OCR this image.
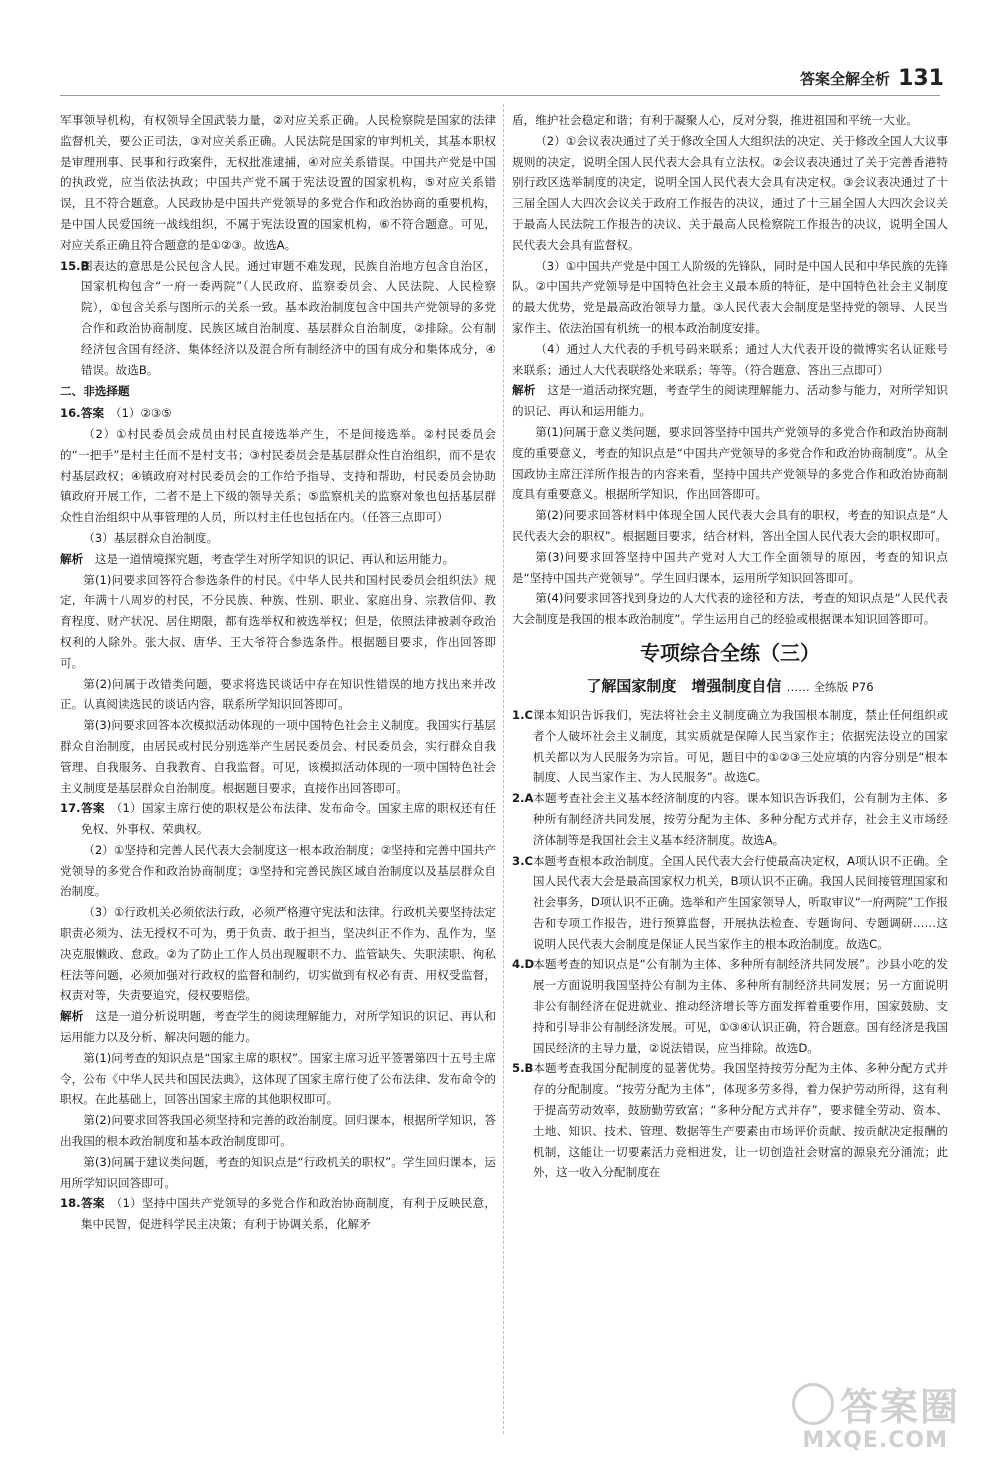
答案全解全析 131

军事领导机构，有权领导全国武装力量，②对应关系正确。人民检察院是国家的法律监督机关，要公正司法，③对应关系正确。人民法院是国家的审判机关，其基本职权是审理刑事、民事和行政案件，无权批准逮捕，④对应关系错误。中国共产党是中国的执政党，应当依法执政；中国共产党不属于宪法设置的国家机构，⑤对应关系错误，且不符合题意。人民政协是中国共产党领导的多党合作和政治协商的重要机构，是中国人民爱国统一战线组织，不属于宪法设置的国家机构，⑥不符合题意。可见，对应关系正确且符合题意的是①②③。故选A。

15.B图表达的意思是公民包含人民。通过审题不难发现，民族自治地方包含自治区，国家机构包含“一府一委两院”（人民政府、监察委员会、人民法院、人民检察院），①包含关系与图所示的关系一致。基本政治制度包含中国共产党领导的多党合作和政治协商制度、民族区域自治制度、基层群众自治制度，②排除。公有制经济包含国有经济、集体经济以及混合所有制经济中的国有成分和集体成分，④错误。故选B。

二、非选择题

16.答案　 （1）②③⑤

（2）①村民委员会成员由村民直接选举产生，不是间接选举。②村民委员会的“一把手”是村主任而不是村支书；③村民委员会是基层群众性自治组织，而不是农村基层政权；④镇政府对村民委员会的工作给予指导、支持和帮助，村民委员会协助镇政府开展工作，二者不是上下级的领导关系；⑤监察机关的监察对象也包括基层群众性自治组织中从事管理的人员，所以村主任也包括在内。（任答三点即可）

（3）基层群众自治制度。

解析　 这是一道情境探究题，考查学生对所学知识的识记、再认和运用能力。

第(1)问要求回答符合参选条件的村民。《中华人民共和国村民委员会组织法》规定，年满十八周岁的村民，不分民族、种族、性别、职业、家庭出身、宗教信仰、教育程度、财产状况、居住期限，都有选举权和被选举权；但是，依照法律被剥夺政治权利的人除外。张大叔、唐华、王大爷符合参选条件。根据题目要求，作出回答即可。

第(2)问属于改错类问题，要求将选民谈话中存在知识性错误的地方找出来并改正。认真阅读选民的谈话内容，联系所学知识回答即可。

第(3)问要求回答本次模拟活动体现的一项中国特色社会主义制度。我国实行基层群众自治制度，由居民或村民分别选举产生居民委员会、村民委员会，实行群众自我管理、自我服务、自我教育、自我监督。可见，该模拟活动体现的一项中国特色社会主义制度是基层群众自治制度。根据题目要求，直接作出回答即可。

17.答案　 （1）国家主席行使的职权是公布法律、发布命令。国家主席的职权还有任免权、外事权、荣典权。

（2）①坚持和完善人民代表大会制度这一根本政治制度；②坚持和完善中国共产党领导的多党合作和政治协商制度；③坚持和完善民族区域自治制度以及基层群众自治制度。

（3）①行政机关必须依法行政，必须严格遵守宪法和法律。行政机关要坚持法定职责必须为、法无授权不可为，勇于负责、敢于担当，坚决纠正不作为、乱作为，坚决克服懒政、怠政。②为了防止工作人员出现履职不力、监管缺失、失职渎职、徇私枉法等问题，必须加强对行政权的监督和制约，切实做到有权必有责、用权受监督，权责对等，失责要追究，侵权要赔偿。

解析　 这是一道分析说明题，考查学生的阅读理解能力，对所学知识的识记、再认和运用能力以及分析、解决问题的能力。

第(1)问考查的知识点是“国家主席的职权”。国家主席习近平签署第四十五号主席令，公布《中华人民共和国民法典》，这体现了国家主席行使了公布法律、发布命令的职权。在此基础上，回答出国家主席的其他职权即可。

第(2)问要求回答我国必须坚持和完善的政治制度。回归课本，根据所学知识，答出我国的根本政治制度和基本政治制度即可。

第(3)问属于建议类问题，考查的知识点是“行政机关的职权”。学生回归课本，运用所学知识回答即可。

18.答案　 （1）坚持中国共产党领导的多党合作和政治协商制度，有利于反映民意，集中民智，促进科学民主决策；有利于协调关系，化解矛

盾，维护社会稳定和谐；有利于凝聚人心，反对分裂，推进祖国和平统一大业。

（2）①会议表决通过了关于修改全国人大组织法的决定、关于修改全国人大议事规则的决定，说明全国人民代表大会具有立法权。②会议表决通过了关于完善香港特别行政区选举制度的决定，说明全国人民代表大会具有决定权。③会议表决通过了十三届全国人大四次会议关于政府工作报告的决议，通过了十三届全国人大四次会议关于最高人民法院工作报告的决议、关于最高人民检察院工作报告的决议，说明全国人民代表大会具有监督权。

（3）①中国共产党是中国工人阶级的先锋队，同时是中国人民和中华民族的先锋队。②中国共产党领导是中国特色社会主义最本质的特征，是中国特色社会主义制度的最大优势，党是最高政治领导力量。③人民代表大会制度是坚持党的领导、人民当家作主、依法治国有机统一的根本政治制度安排。

（4）通过人大代表的手机号码来联系；通过人大代表开设的微博实名认证账号来联系；通过人大代表联络处来联系；等等。（符合题意、答出三点即可）

解析　 这是一道活动探究题，考查学生的阅读理解能力、活动参与能力，对所学知识的识记、再认和运用能力。

第(1)问属于意义类问题，要求回答坚持中国共产党领导的多党合作和政治协商制度的重要意义，考查的知识点是“中国共产党领导的多党合作和政治协商制度”。从全国政协主席汪洋所作报告的内容来看，坚持中国共产党领导的多党合作和政治协商制度具有重要意义。根据所学知识，作出回答即可。

第(2)问要求回答材料中体现全国人民代表大会具有的职权，考查的知识点是“人民代表大会的职权”。根据题目要求，结合材料，答出全国人民代表大会的职权即可。

第(3)问要求回答坚持中国共产党对人大工作全面领导的原因，考查的知识点是“坚持中国共产党领导”。学生回归课本，运用所学知识回答即可。

第(4)问要求回答找到身边的人大代表的途径和方法，考查的知识点是“人民代表大会制度是我国的根本政治制度”。学生运用自己的经验或根据课本知识回答即可。

专项综合全练（三）
了解国家制度　增强制度自信 …… 全练版 P76

1.C课本知识告诉我们，宪法将社会主义制度确立为我国根本制度，禁止任何组织或者个人破坏社会主义制度，其实质就是保障人民当家作主；依据宪法设立的国家机关都以为人民服务为宗旨。可见，题目中的①②③三处应填的内容分别是“根本制度、人民当家作主、为人民服务”。故选C。

2.A本题考查社会主义基本经济制度的内容。课本知识告诉我们，公有制为主体、多种所有制经济共同发展，按劳分配为主体、多种分配方式并存，社会主义市场经济体制等是我国社会主义基本经济制度。故选A。

3.C本题考查根本政治制度。全国人民代表大会行使最高决定权，A项认识不正确。全国人民代表大会是最高国家权力机关，B项认识不正确。我国人民间接管理国家和社会事务，D项认识不正确。选举和产生国家领导人，听取审议“一府两院”工作报告和专项工作报告，进行预算监督，开展执法检查、专题询问、专题调研……这说明人民代表大会制度是保证人民当家作主的根本政治制度。故选C。

4.D本题考查的知识点是“公有制为主体、多种所有制经济共同发展”。沙县小吃的发展一方面说明我国坚持公有制为主体、多种所有制经济共同发展；另一方面说明非公有制经济在促进就业、推动经济增长等方面发挥着重要作用，国家鼓励、支持和引导非公有制经济发展。可见，①③④认识正确，符合题意。国有经济是我国国民经济的主导力量，②说法错误，应当排除。故选D。

5.B本题考查我国分配制度的显著优势。我国坚持按劳分配为主体、多种分配方式并存的分配制度。“按劳分配为主体”，体现多劳多得，着力保护劳动所得，这有利于提高劳动效率，鼓励勤劳致富；“多种分配方式并存”，要求健全劳动、资本、土地、知识、技术、管理、数据等生产要素由市场评价贡献、按贡献决定报酬的机制，这能让一切要素活力竞相迸发，让一切创造社会财富的源泉充分涌流；此外，这一收入分配制度在

答案圈
MXQE.COM
